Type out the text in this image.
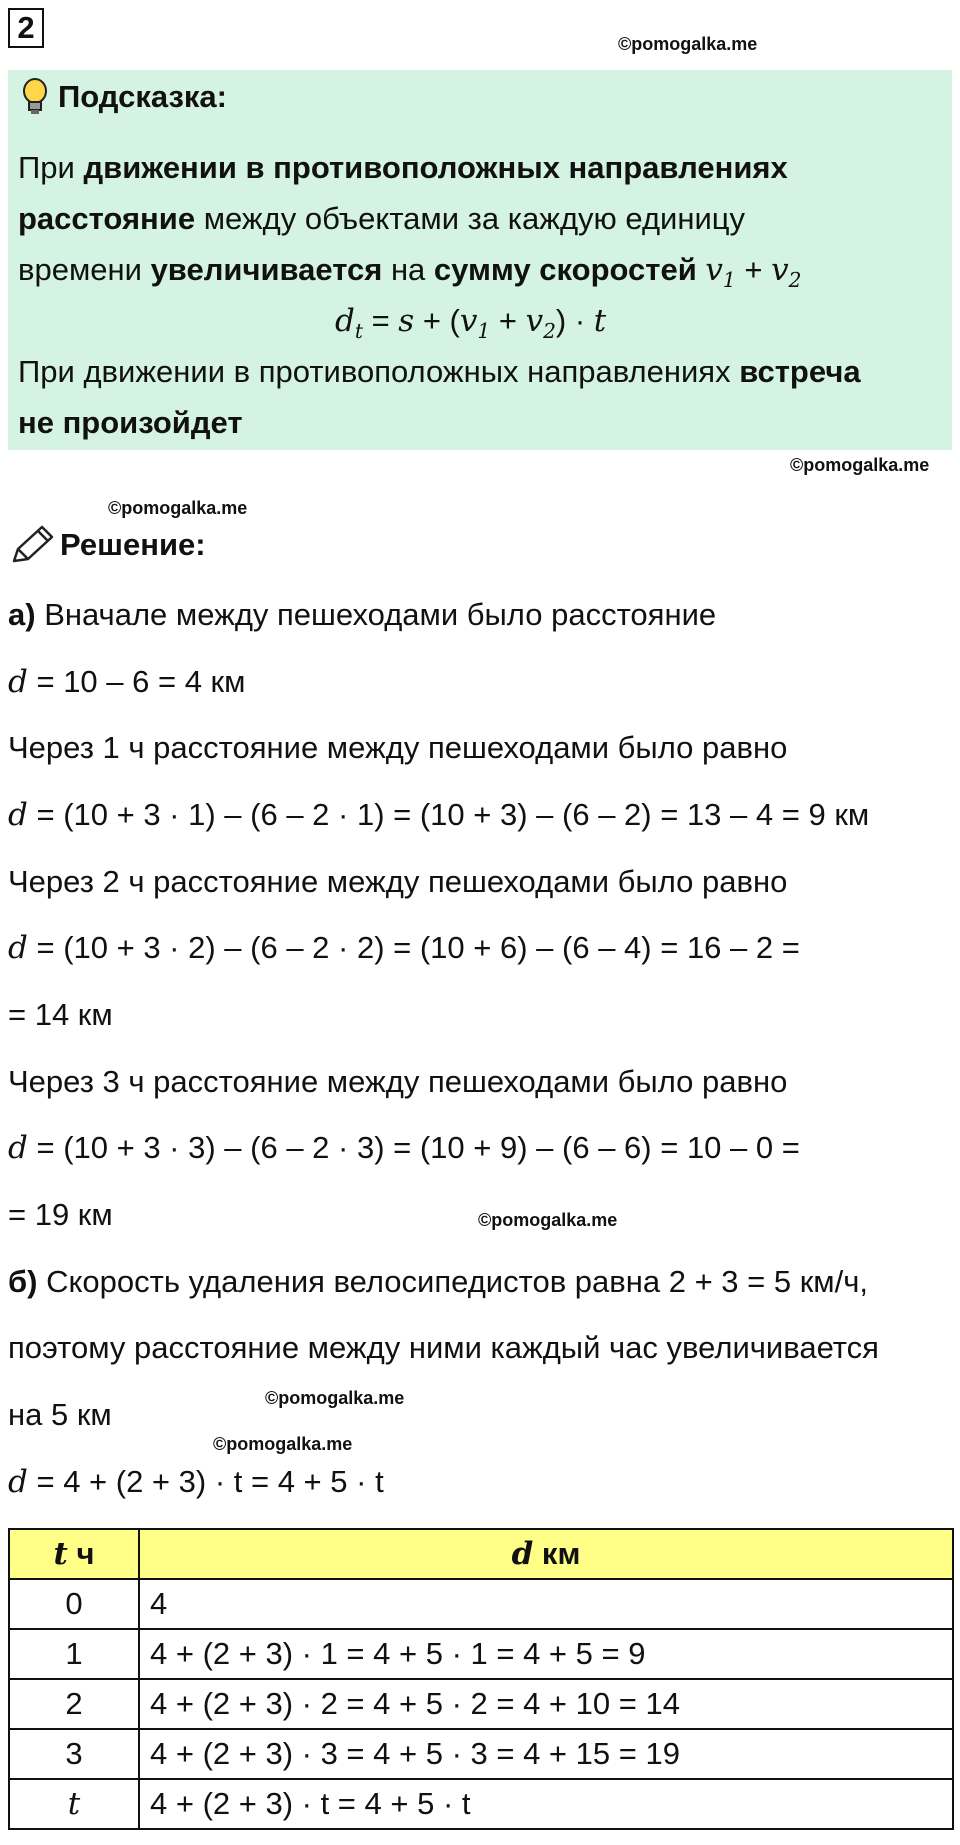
2	©pomogalka.me
Подсказка:
При движении в противоположных направлениях
расстояние между объектами за каждую единицу
времени увеличивается на сумму скоростей $v_1 + v_2$
$d_t = s + (v_1 + v_2) \cdot t$
При движении в противоположных направлениях встреча
не произойдет
©pomogalka.me
©pomogalka.me
Решение:
а) Вначале между пешеходами было расстояние
d = 10 – 6 = 4 км
Через 1 ч расстояние между пешеходами было равно
d = (10 + 3 · 1) – (6 – 2 · 1) = (10 + 3) – (6 – 2) = 13 – 4 = 9 км
Через 2 ч расстояние между пешеходами было равно
d = (10 + 3 · 2) – (6 – 2 · 2) = (10 + 6) – (6 – 4) = 16 – 2 =
= 14 км
Через 3 ч расстояние между пешеходами было равно
d = (10 + 3 · 3) – (6 – 2 · 3) = (10 + 9) – (6 – 6) = 10 – 0 =
= 19 км	©pomogalka.me
б) Скорость удаления велосипедистов равна 2 + 3 = 5 км/ч,
поэтому расстояние между ними каждый час увеличивается
на 5 км	©pomogalka.me
©pomogalka.me
d = 4 + (2 + 3) · t = 4 + 5 · t
t ч	d км
0	4
1	4 + (2 + 3) · 1 = 4 + 5 · 1 = 4 + 5 = 9
2	4 + (2 + 3) · 2 = 4 + 5 · 2 = 4 + 10 = 14
3	4 + (2 + 3) · 3 = 4 + 5 · 3 = 4 + 15 = 19
t	4 + (2 + 3) · t = 4 + 5 · t
